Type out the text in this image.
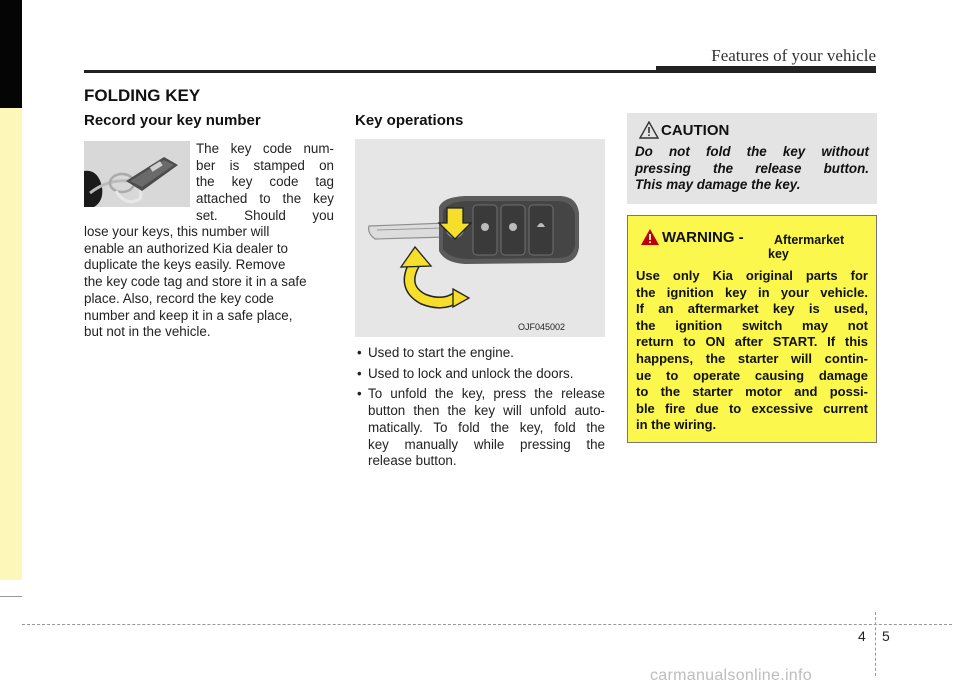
Features of your vehicle
FOLDING KEY
Record your key number
The key code num-
ber is stamped on
the key code tag
attached to the key
set. Should you
lose your keys, this number will
enable an authorized Kia dealer to
duplicate the keys easily. Remove
the key code tag and store it in a safe
place. Also, record the key code
number and keep it in a safe place,
but not in the vehicle.
Key operations
OJF045002
• Used to start the engine.
• Used to lock and unlock the doors.
• To unfold the key, press the release
button then the key will unfold auto-
matically. To fold the key, fold the
key manually while pressing the
release button.
CAUTION
Do not fold the key without
pressing the release button.
This may damage the key.
WARNING - Aftermarket
key
Use only Kia original parts for
the ignition key in your vehicle.
If an aftermarket key is used,
the ignition switch may not
return to ON after START. If this
happens, the starter will contin-
ue to operate causing damage
to the starter motor and possi-
ble fire due to excessive current
in the wiring.
4 5
carmanualsonline.info
